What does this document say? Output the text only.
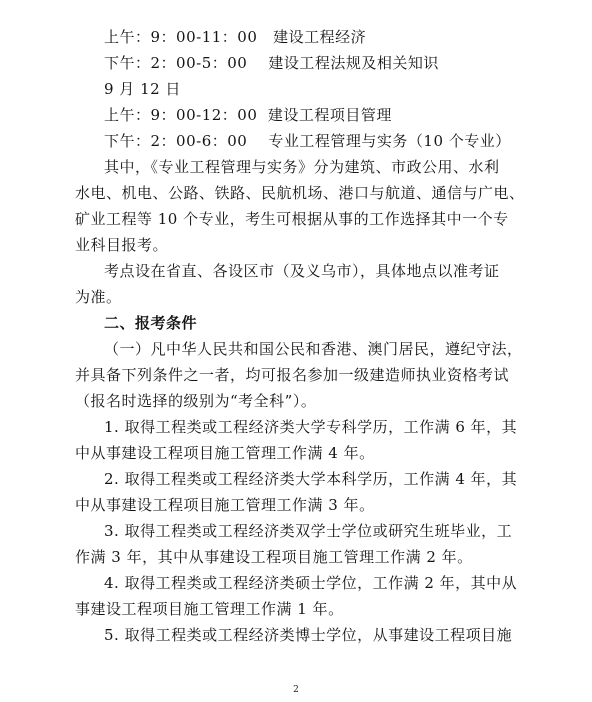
上午：9：00-11：00   建设工程经济
下午：2：00-5：00    建设工程法规及相关知识
9 月 12 日
上午：9：00-12：00  建设工程项目管理
下午：2：00-6：00    专业工程管理与实务（10 个专业）
其中，《专业工程管理与实务》分为建筑、市政公用、水利
水电、机电、公路、铁路、民航机场、港口与航道、通信与广电、
矿业工程等 10 个专业，考生可根据从事的工作选择其中一个专
业科目报考。
考点设在省直、各设区市（及义乌市），具体地点以准考证
为准。
二、报考条件
（一）凡中华人民共和国公民和香港、澳门居民，遵纪守法，
并具备下列条件之一者，均可报名参加一级建造师执业资格考试
（报名时选择的级别为“考全科”）。
1. 取得工程类或工程经济类大学专科学历，工作满 6 年，其
中从事建设工程项目施工管理工作满 4 年。
2. 取得工程类或工程经济类大学本科学历，工作满 4 年，其
中从事建设工程项目施工管理工作满 3 年。
3. 取得工程类或工程经济类双学士学位或研究生班毕业，工
作满 3 年，其中从事建设工程项目施工管理工作满 2 年。
4. 取得工程类或工程经济类硕士学位，工作满 2 年，其中从
事建设工程项目施工管理工作满 1 年。
5. 取得工程类或工程经济类博士学位，从事建设工程项目施
2
